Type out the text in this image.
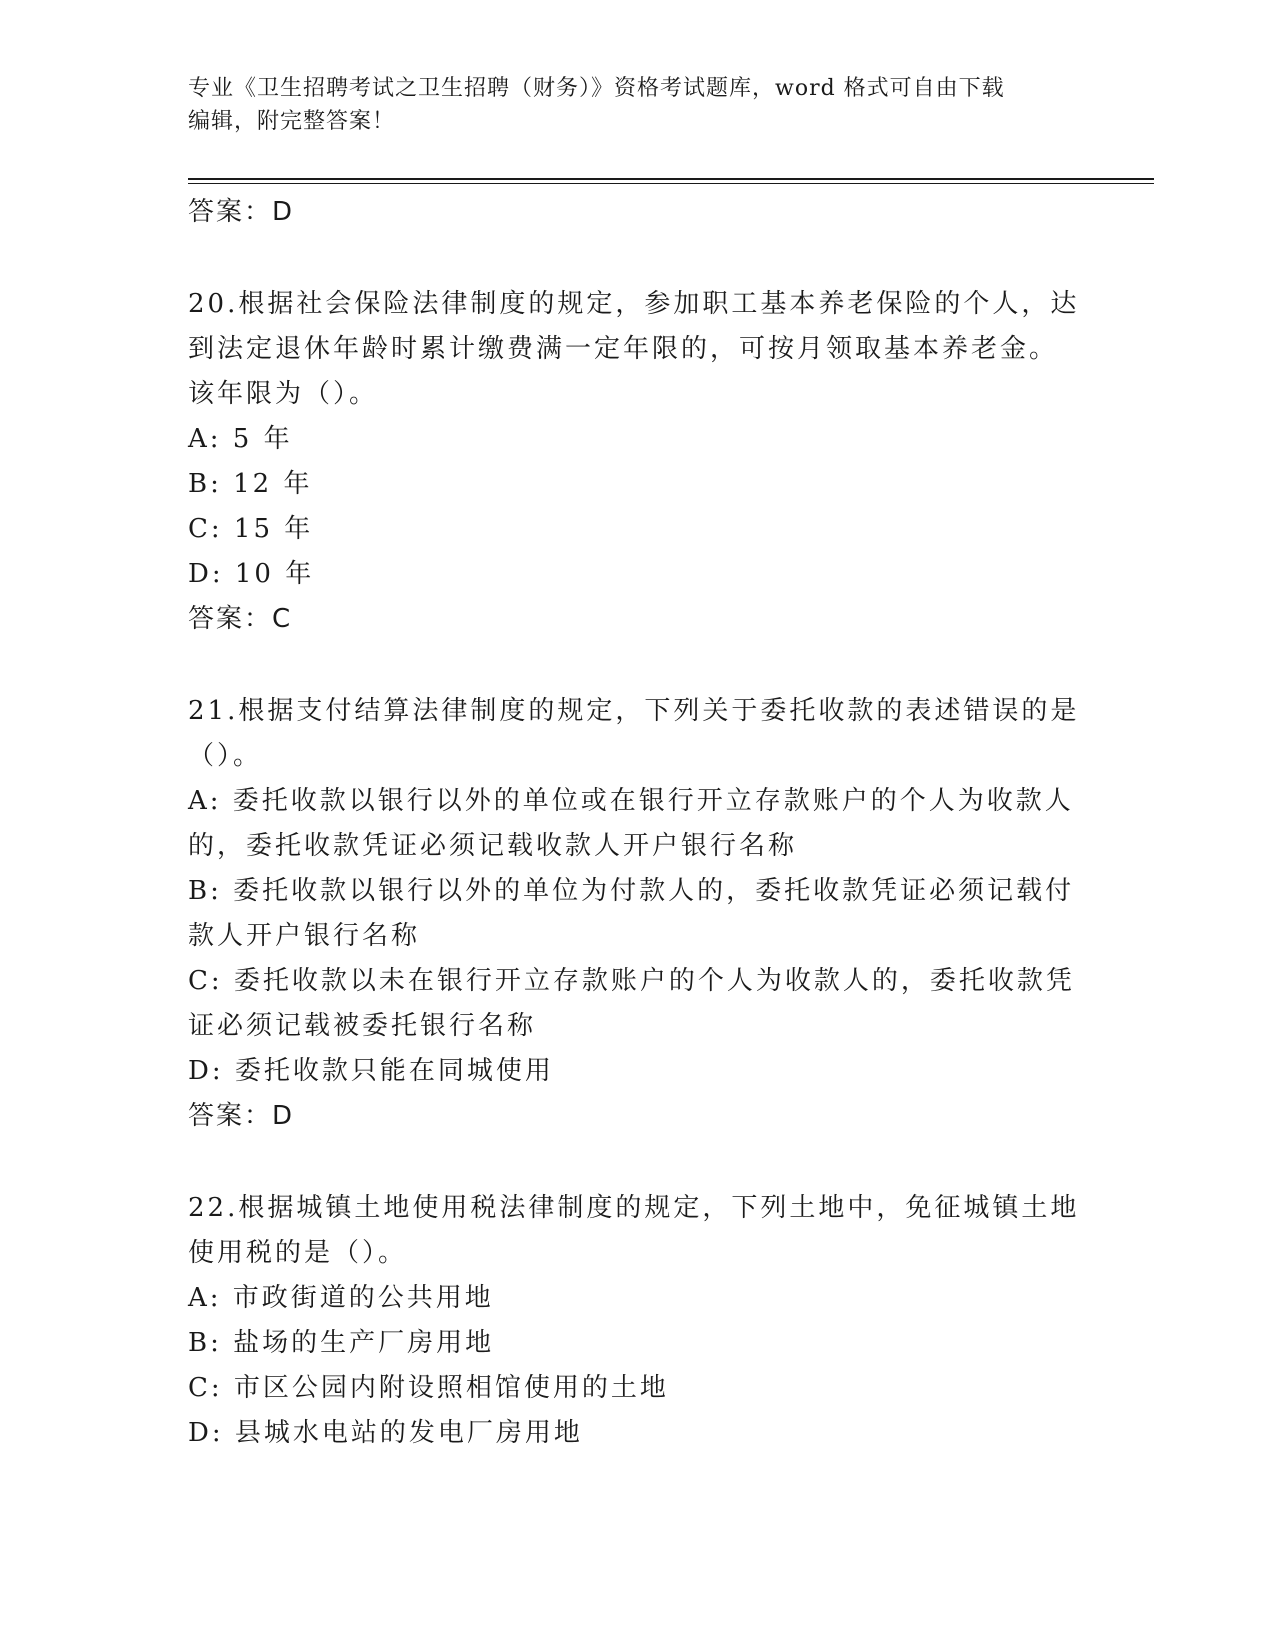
专业《卫生招聘考试之卫生招聘（财务）》资格考试题库，word 格式可自由下载
编辑，附完整答案！
答案：D
20.根据社会保险法律制度的规定，参加职工基本养老保险的个人，达
到法定退休年龄时累计缴费满一定年限的，可按月领取基本养老金。
该年限为（）。
A: 5 年
B: 12 年
C: 15 年
D: 10 年
答案：C
21.根据支付结算法律制度的规定，下列关于委托收款的表述错误的是
（）。
A: 委托收款以银行以外的单位或在银行开立存款账户的个人为收款人
的，委托收款凭证必须记载收款人开户银行名称
B: 委托收款以银行以外的单位为付款人的，委托收款凭证必须记载付
款人开户银行名称
C: 委托收款以未在银行开立存款账户的个人为收款人的，委托收款凭
证必须记载被委托银行名称
D: 委托收款只能在同城使用
答案：D
22.根据城镇土地使用税法律制度的规定，下列土地中，免征城镇土地
使用税的是（）。
A: 市政街道的公共用地
B: 盐场的生产厂房用地
C: 市区公园内附设照相馆使用的土地
D: 县城水电站的发电厂房用地
